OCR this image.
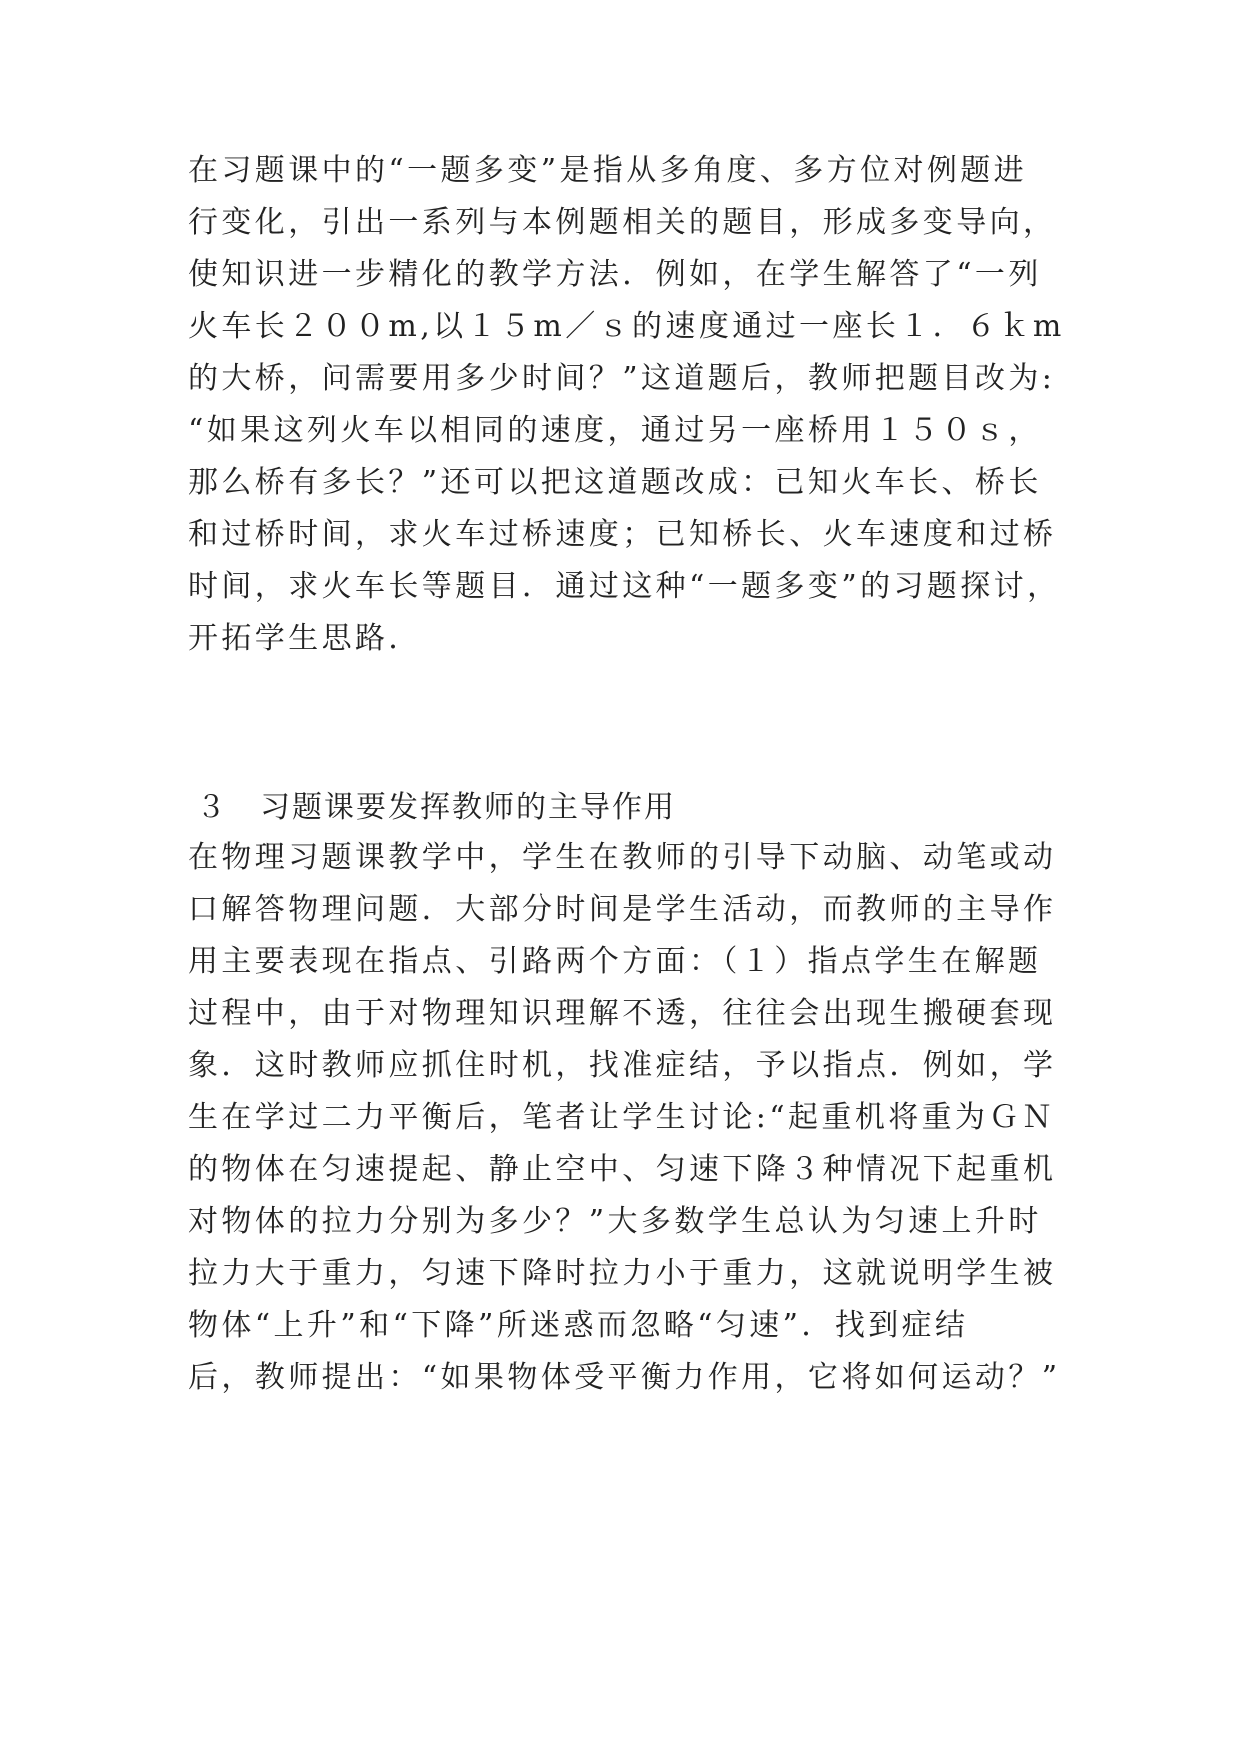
在习题课中的“一题多变”是指从多角度、多方位对例题进
行变化，引出一系列与本例题相关的题目，形成多变导向，
使知识进一步精化的教学方法．例如，在学生解答了“一列
火车长２００m,以１５m／ｓ的速度通过一座长１．６ｋm
的大桥，问需要用多少时间？”这道题后，教师把题目改为:
“如果这列火车以相同的速度，通过另一座桥用１５０ｓ，
那么桥有多长？”还可以把这道题改成：已知火车长、桥长
和过桥时间，求火车过桥速度；已知桥长、火车速度和过桥
时间，求火车长等题目．通过这种“一题多变”的习题探讨，
开拓学生思路．
３　习题课要发挥教师的主导作用
在物理习题课教学中，学生在教师的引导下动脑、动笔或动
口解答物理问题．大部分时间是学生活动，而教师的主导作
用主要表现在指点、引路两个方面：（１）指点学生在解题
过程中，由于对物理知识理解不透，往往会出现生搬硬套现
象．这时教师应抓住时机，找准症结，予以指点．例如，学
生在学过二力平衡后，笔者让学生讨论:“起重机将重为ＧＮ
的物体在匀速提起、静止空中、匀速下降３种情况下起重机
对物体的拉力分别为多少？”大多数学生总认为匀速上升时
拉力大于重力，匀速下降时拉力小于重力，这就说明学生被
物体“上升”和“下降”所迷惑而忽略“匀速”．找到症结
后，教师提出：“如果物体受平衡力作用，它将如何运动？”
